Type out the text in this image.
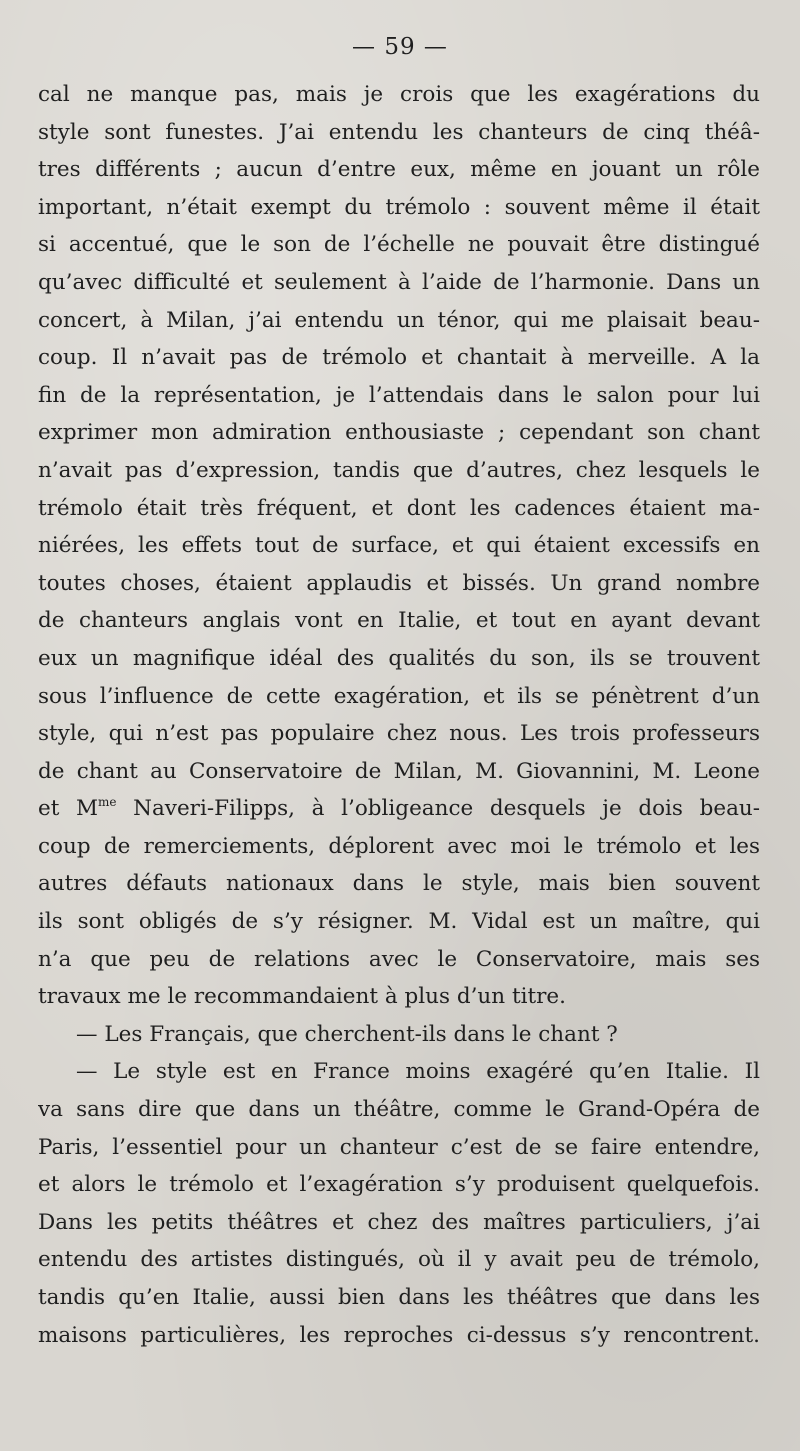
— 59 —
cal ne manque pas, mais je crois que les exagérations du
style sont funestes. J’ai entendu les chanteurs de cinq théâ-
tres différents ; aucun d’entre eux, même en jouant un rôle
important, n’était exempt du trémolo : souvent même il était
si accentué, que le son de l’échelle ne pouvait être distingué
qu’avec difficulté et seulement à l’aide de l’harmonie. Dans un
concert, à Milan, j’ai entendu un ténor, qui me plaisait beau-
coup. Il n’avait pas de trémolo et chantait à merveille. A la
fin de la représentation, je l’attendais dans le salon pour lui
exprimer mon admiration enthousiaste ; cependant son chant
n’avait pas d’expression, tandis que d’autres, chez lesquels le
trémolo était très fréquent, et dont les cadences étaient ma-
niérées, les effets tout de surface, et qui étaient excessifs en
toutes choses, étaient applaudis et bissés. Un grand nombre
de chanteurs anglais vont en Italie, et tout en ayant devant
eux un magnifique idéal des qualités du son, ils se trouvent
sous l’influence de cette exagération, et ils se pénètrent d’un
style, qui n’est pas populaire chez nous. Les trois professeurs
de chant au Conservatoire de Milan, M. Giovannini, M. Leone
et $M^{me}$ Naveri-Filipps, à l’obligeance desquels je dois beau-
coup de remerciements, déplorent avec moi le trémolo et les
autres défauts nationaux dans le style, mais bien souvent
ils sont obligés de s’y résigner. M. Vidal est un maître, qui
n’a que peu de relations avec le Conservatoire, mais ses
travaux me le recommandaient à plus d’un titre.
— Les Français, que cherchent-ils dans le chant ?
— Le style est en France moins exagéré qu’en Italie. Il
va sans dire que dans un théâtre, comme le Grand-Opéra de
Paris, l’essentiel pour un chanteur c’est de se faire entendre,
et alors le trémolo et l’exagération s’y produisent quelquefois.
Dans les petits théâtres et chez des maîtres particuliers, j’ai
entendu des artistes distingués, où il y avait peu de trémolo,
tandis qu’en Italie, aussi bien dans les théâtres que dans les
maisons particulières, les reproches ci-dessus s’y rencontrent.
